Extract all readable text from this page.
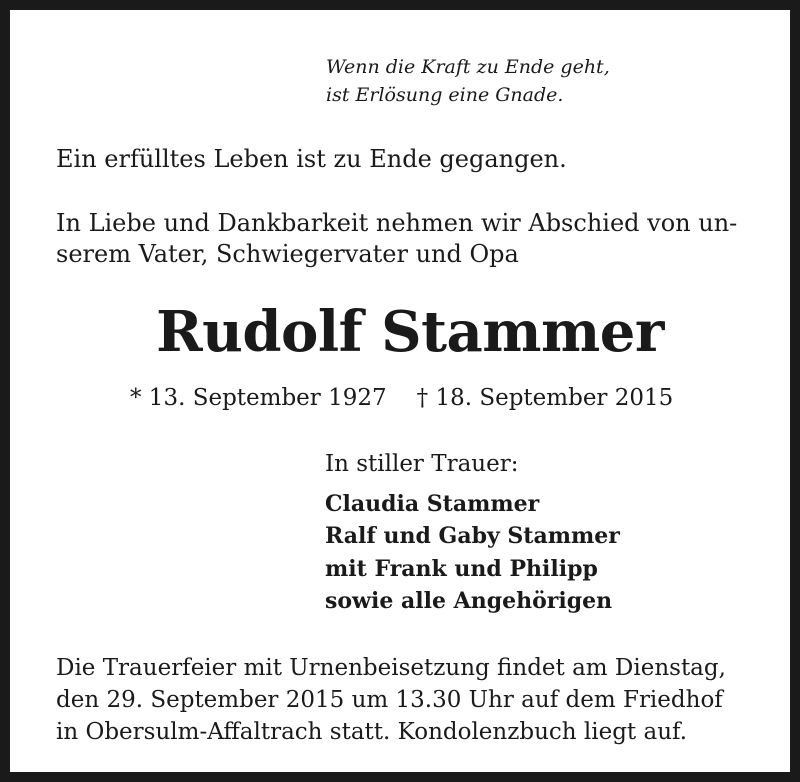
Wenn die Kraft zu Ende geht,
ist Erlösung eine Gnade.
Ein erfülltes Leben ist zu Ende gegangen.
In Liebe und Dankbarkeit nehmen wir Abschied von un-
serem Vater, Schwiegervater und Opa
Rudolf Stammer
* 13. September 1927 † 18. September 2015
In stiller Trauer:
Claudia Stammer
Ralf und Gaby Stammer
mit Frank und Philipp
sowie alle Angehörigen
Die Trauerfeier mit Urnenbeisetzung findet am Dienstag,
den 29. September 2015 um 13.30 Uhr auf dem Friedhof
in Obersulm-Affaltrach statt. Kondolenzbuch liegt auf.
